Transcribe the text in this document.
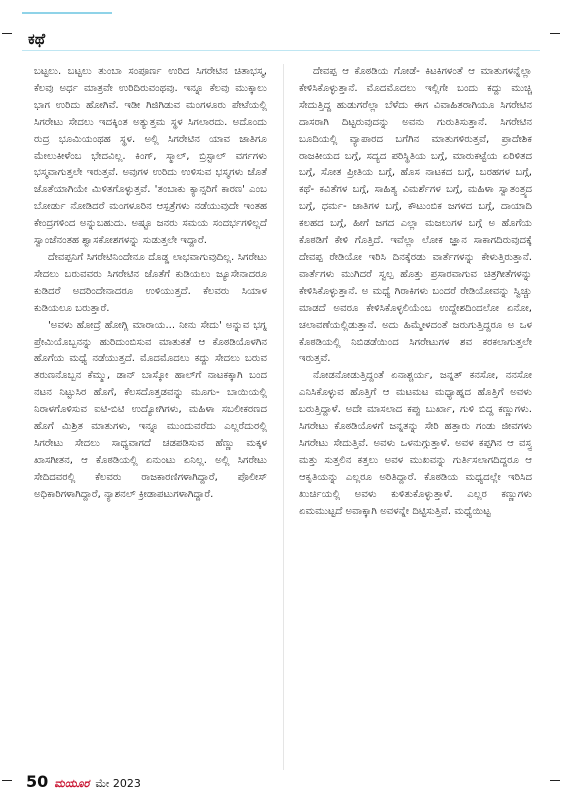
ಕಥೆ

ಬಟ್ಟಲು. ಬಟ್ಟಲು ತುಂಬಾ ಸಂಪೂರ್ಣ ಉರಿದ ಸಿಗರೇಟಿನ ಚಿತಾಭಸ್ಮ, ಕೆಲವು ಅರ್ಧ ಮಾತ್ರವೇ ಉರಿದಿರುವಂಥವು. ಇನ್ನೂ ಕೆಲವು ಮುಕ್ಕಾಲು ಭಾಗ ಉರಿದು ಹೋಗಿವೆ. ಇಡೀ ಗಿಜಿಗಿಡುವ ಮಂಗಳೂರು ಪೇಟೆಯಲ್ಲಿ ಸಿಗರೇಟು ಸೇದಲು ಇದಕ್ಕಿಂತ ಅತ್ಯುತ್ತಮ ಸ್ಥಳ ಸಿಗಲಾರದು. ಅದೊಂದು ರುದ್ರ ಭೂಮಿಯಂಥಹ ಸ್ಥಳ. ಅಲ್ಲಿ ಸಿಗರೇಟಿನ ಯಾವ ಜಾತಿಗೂ ಮೇಲುಕೀಳೆಂಬ ಭೇದವಿಲ್ಲ. ಕಿಂಗ್, ಸ್ಮಾಲ್, ಬ್ರಿಸ್ಟಾಲ್ ವರ್ಗಗಳು ಭಸ್ಮವಾಗುತ್ತಲೇ ಇರುತ್ತವೆ. ಅವುಗಳ ಉರಿದು ಉಳಿಸುವ ಭಸ್ಮಗಳು ಜೊತೆ ಜೊತೆಯಾಗಿಯೇ ಮಿಳಿತಗೊಳ್ಳುತ್ತವೆ. 'ತಂಬಾಕು ಕ್ಯಾನ್ಸರಿಗೆ ಕಾರಣ' ಎಂಬ ಬೋರ್ಡು ನೋಡಿದರೆ ಮಂಗಳೂರಿನ ಆಸ್ಪತ್ರೆಗಳು ನಡೆಯುವುದೇ ಇಂತಹ ಕೇಂದ್ರಗಳಿಂದ ಅನ್ನುಬಹುದು. ಅಷ್ಟೂ ಜನರು ಸಮಯ ಸಂದರ್ಭಗಳಿಲ್ಲದೆ ಸ್ವಾಂಜೆನಂತಹ ಶ್ವಾಸಕೋಶಗಳನ್ನು ಸುಡುತ್ತಲೇ ಇದ್ದಾರೆ.

ದೇವಪ್ಪನಿಗೆ ಸಿಗರೇಟಿನಿಂದೇನೂ ದೊಡ್ಡ ಲಾಭವಾಗುವುದಿಲ್ಲ. ಸಿಗರೇಟು ಸೇದಲು ಬರುವವರು ಸಿಗರೇಟಿನ ಜೊತೆಗೆ ಕುಡಿಯಲು ಜ್ಯೂಸೇನಾದರೂ ಕುಡಿದರೆ ಅದರಿಂದೇನಾದರೂ ಉಳಿಯುತ್ತದೆ. ಕೆಲವರು ಸಿಯಾಳ ಕುಡಿಯಲೂ ಬರುತ್ತಾರೆ.

'ಅವಳು ಹೋದ್ರೆ ಹೋಗ್ಲಿ ಮಾರಾಯ... ನೀನು ಸೇದು' ಅನ್ನುವ ಭಗ್ನ ಪ್ರೇಮಿಯೊಬ್ಬನನ್ನು ಹುರಿದುಂಬಿಸುವ ಮಾತುಕತೆ ಆ ಕೊಠಡಿಯೊಳಗಿನ ಹೊಗೆಯ ಮಧ್ಯೆ ನಡೆಯುತ್ತದೆ. ಮೊದಮೊದಲು ಕದ್ದು ಸೇದಲು ಬರುವ ತರುಣನೊಬ್ಬನ ಕೆಮ್ಮು, ಡಾನ್ ಬಾಸ್ಕೋ ಹಾಲ್‌ಗೆ ನಾಟಕಕ್ಕಾಗಿ ಬಂದ ನಟನ ನಿಟ್ಟುಸಿರ ಹೊಗೆ, ಕೆಲಸದೊತ್ತಡವನ್ನು ಮೂಗು- ಬಾಯಿಯಲ್ಲಿ ನಿರಾಳಗೊಳಿಸುವ ಐಟಿ-ಬಿಟಿ ಉದ್ಯೋಗಿಗಳು, ಮಹಿಳಾ ಸಬಲೀಕರಣದ ಹೊಗೆ ಮಿಶ್ರಿತ ಮಾತುಗಳು, ಇನ್ನೂ ಮುಂದುವರೆದು ಎಲ್ಲರೆದುರಲ್ಲಿ ಸಿಗರೇಟು ಸೇದಲು ಸಾಧ್ಯವಾಗದೆ ಚಡಪಡಿಸುವ ಹೆಣ್ಣು ಮಕ್ಕಳ ಖಾಸಗೀತನ, ಆ ಕೊಠಡಿಯಲ್ಲಿ ಏನುಂಟು ಏನಿಲ್ಲ. ಅಲ್ಲಿ ಸಿಗರೇಟು ಸೇದಿದವರಲ್ಲಿ ಕೆಲವರು ರಾಜಕಾರಣಿಗಳಾಗಿದ್ದಾರೆ, ಪೊಲೀಸ್ ಅಧಿಕಾರಿಗಳಾಗಿದ್ದಾರೆ, ನ್ಯಾಶನಲ್ ಕ್ರೀಡಾಪಟುಗಳಾಗಿದ್ದಾರೆ.

ದೇವಪ್ಪ ಆ ಕೊಠಡಿಯ ಗೋಡೆ- ಕಿಟಕಿಗಳಂತೆ ಆ ಮಾತುಗಳನ್ನೆಲ್ಲಾ ಕೇಳಿಸಿಕೊಳ್ಳುತ್ತಾನೆ. ಮೊದಮೊದಲು ಇಲ್ಲಿಗೇ ಬಂದು ಕದ್ದು ಮುಚ್ಚಿ ಸೇದುತ್ತಿದ್ದ ಹುಡುಗರೆಲ್ಲಾ ಬೆಳೆದು ಈಗ ವಿವಾಹಿತರಾಗಿಯೂ ಸಿಗರೇಟಿನ ದಾಸರಾಗಿ ದಿಟ್ಟರುವುದನ್ನು ಅವನು ಗುರುತಿಸುತ್ತಾನೆ. ಸಿಗರೇಟಿನ ಬೂದಿಯಲ್ಲಿ ವ್ಯಾಪಾರದ ಬಗೆಗಿನ ಮಾತುಗಳಿರುತ್ತವೆ, ಪ್ರಾದೇಶಿಕ ರಾಜಕೀಯದ ಬಗ್ಗೆ, ಸದ್ಯದ ಪರಿಸ್ಥಿತಿಯ ಬಗ್ಗೆ, ಮಾರುಕಟ್ಟೆಯ ಏರಿಳಿತದ ಬಗ್ಗೆ, ಸೋತ ಪ್ರೀತಿಯ ಬಗ್ಗೆ, ಹೊಸ ನಾಟಕದ ಬಗ್ಗೆ, ಬರಹಗಳ ಬಗ್ಗೆ, ಕಥೆ- ಕವಿತೆಗಳ ಬಗ್ಗೆ, ಸಾಹಿತ್ಯ ವಿಮರ್ಶೆಗಳ ಬಗ್ಗೆ, ಮಹಿಳಾ ಸ್ವಾತಂತ್ರ್ಯದ ಬಗ್ಗೆ, ಧರ್ಮ- ಜಾತಿಗಳ ಬಗ್ಗೆ, ಕೌಟುಂಬಿಕ ಜಗಳದ ಬಗ್ಗೆ, ದಾಯಾದಿ ಕಲಹದ ಬಗ್ಗೆ, ಹೀಗೆ ಜಗದ ಎಲ್ಲಾ ಮಜಲುಗಳ ಬಗ್ಗೆ ಅ ಹೊಗೆಯ ಕೊಠಡಿಗೆ ಕೇಳಿ ಗೊತ್ತಿದೆ. ಇವೆಲ್ಲಾ ಲೋಕ ಜ್ಞಾನ ಸಾಕಾಗದಿರುವುದಕ್ಕೆ ದೇವಪ್ಪ ರೇಡಿಯೋ ಇರಿಸಿ ದಿನಕ್ಕೆರಡು ವಾರ್ತೆಗಳನ್ನು ಕೇಳುತ್ತಿರುತ್ತಾನೆ. ವಾರ್ತೆಗಳು ಮುಗಿದರೆ ಸ್ವಲ್ಪ ಹೊತ್ತು ಪ್ರಸಾರವಾಗುವ ಚಿತ್ರಗೀತೆಗಳನ್ನು ಕೇಳಿಸಿಕೊಳ್ಳುತ್ತಾನೆ. ಅ ಮಧ್ಯೆ ಗಿರಾಕಿಗಳು ಬಂದರೆ ರೇಡಿಯೋವನ್ನು ಸ್ವಿಚ್ಚು ಮಾಡದೆ ಅವರೂ ಕೇಳಿಸಿಕೊಳ್ಳಲಿಯೆಂಬ ಉದ್ದೇಶದಿಂದಲೋ ಏನೋ, ಚಲಾವಣೆಯಲ್ಲಿಡುತ್ತಾನೆ. ಅದು ಹಿಮ್ಮೇಳದಂತೆ ಜರುಗುತ್ತಿದ್ದರೂ ಅ ಒಳ ಕೊಠಡಿಯಲ್ಲಿ ನಿಬಿಡಡೆಯಿಂದ ಸಿಗರೇಟುಗಳ ಶವ ಕರಕಲಾಗುತ್ತಲೇ ಇರುತ್ತವೆ.

ನೋಡನೋಡುತ್ತಿದ್ದಂತೆ ಏನಾಶ್ಚರ್ಯ, ಜನ್ನತ್ ಕನಸೋ, ನನಸೋ ಎನಿಸಿಕೊಳ್ಳುವ ಹೊತ್ತಿಗೆ ಆ ಮಟಮಟ ಮಧ್ಯಾಹ್ನದ ಹೊತ್ತಿಗೆ ಅವಳು ಬರುತ್ತಿದ್ದಾಳೆ. ಅದೇ ಮಾಸಲಾದ ಕಪ್ಪು ಬುರ್ಖಾ, ಗುಳಿ ಬಿದ್ದ ಕಣ್ಣುಗಳು. ಸಿಗರೇಟು ಕೊಠಡಿಯೊಳಗೆ ಜನ್ನತನ್ನು ಸೇರಿ ಹತ್ತಾರು ಗಂಡು ಜೀವಗಳು ಸಿಗರೇಟು ಸೇದುತ್ತಿವೆ. ಅವಳು ಒಳನುಗ್ಗುತ್ತಾಳೆ. ಅವಳ ಕಪ್ಪಗಿನ ಆ ವಸ್ತ್ರ ಮತ್ತು ಸುತ್ತಲಿನ ಕತ್ತಲು ಅವಳ ಮುಖವನ್ನು ಗುರ್ತಿಸಲಾಗದಿದ್ದರೂ ಆ ಆಕೃತಿಯನ್ನು ಎಲ್ಲರೂ ಅರಿತಿದ್ದಾರೆ. ಕೊಠಡಿಯ ಮಧ್ಯದಲ್ಲೇ ಇರಿಸಿದ ಖುರ್ಚಿಯಲ್ಲಿ ಅವಳು ಕುಳಿತುಕೊಳ್ಳುತ್ತಾಳೆ. ಎಲ್ಲರ ಕಣ್ಣುಗಳು ಏಮಮುಟ್ಟದೆ ಅವಾಕ್ಕಾಗಿ ಅವಳನ್ನೇ ದಿಟ್ಟಿಸುತ್ತಿವೆ. ಮಧ್ಯೆಯಿಟ್ಟ

50 ಮಯೂರ ಮೇ 2023
